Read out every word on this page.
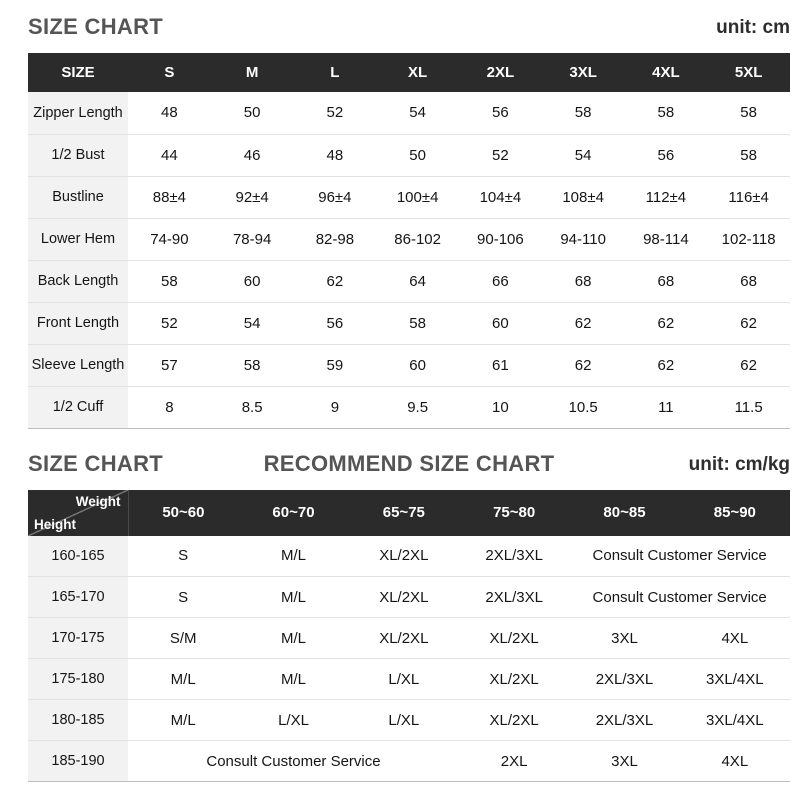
SIZE CHART	unit: cm
SIZE	S	M	L	XL	2XL	3XL	4XL	5XL
Zipper Length	48	50	52	54	56	58	58	58
1/2 Bust	44	46	48	50	52	54	56	58
Bustline	88±4	92±4	96±4	100±4	104±4	108±4	112±4	116±4
Lower Hem	74-90	78-94	82-98	86-102	90-106	94-110	98-114	102-118
Back Length	58	60	62	64	66	68	68	68
Front Length	52	54	56	58	60	62	62	62
Sleeve Length	57	58	59	60	61	62	62	62
1/2 Cuff	8	8.5	9	9.5	10	10.5	11	11.5
SIZE CHART	RECOMMEND SIZE CHART	unit: cm/kg
Weight
Height	50~60	60~70	65~75	75~80	80~85	85~90
160-165	S	M/L	XL/2XL	2XL/3XL	Consult Customer Service	
165-170	S	M/L	XL/2XL	2XL/3XL	Consult Customer Service	
170-175	S/M	M/L	XL/2XL	XL/2XL	3XL	4XL
175-180	M/L	M/L	L/XL	XL/2XL	2XL/3XL	3XL/4XL
180-185	M/L	L/XL	L/XL	XL/2XL	2XL/3XL	3XL/4XL
185-190	Consult Customer Service			2XL	3XL	4XL
